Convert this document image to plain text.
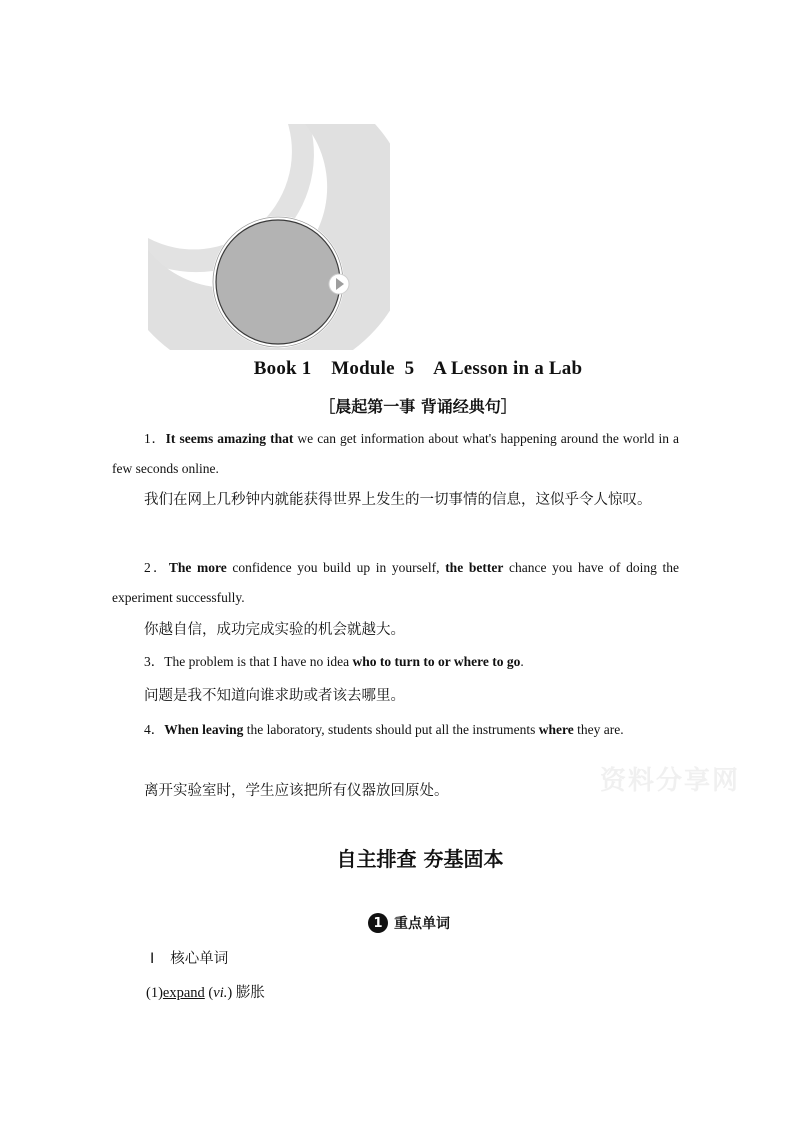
Book 1    Module  5    A Lesson in a Lab
［晨起第一事 背诵经典句］
1．It seems amazing that we can get information about what's happening around the world in a few seconds online.
我们在网上几秒钟内就能获得世界上发生的一切事情的信息，这似乎令人惊叹。
2．The more confidence you build up in yourself, the better chance you have of doing the experiment successfully.
你越自信，成功完成实验的机会就越大。
3．The problem is that I have no idea who to turn to or where to go.
问题是我不知道向谁求助或者该去哪里。
4．When leaving the laboratory, students should put all the instruments where they are.
离开实验室时，学生应该把所有仪器放回原处。	资料分享网
自主排查 夯基固本
1 重点单词
Ⅰ 核心单词
(1)expand (vi.) 膨胀
